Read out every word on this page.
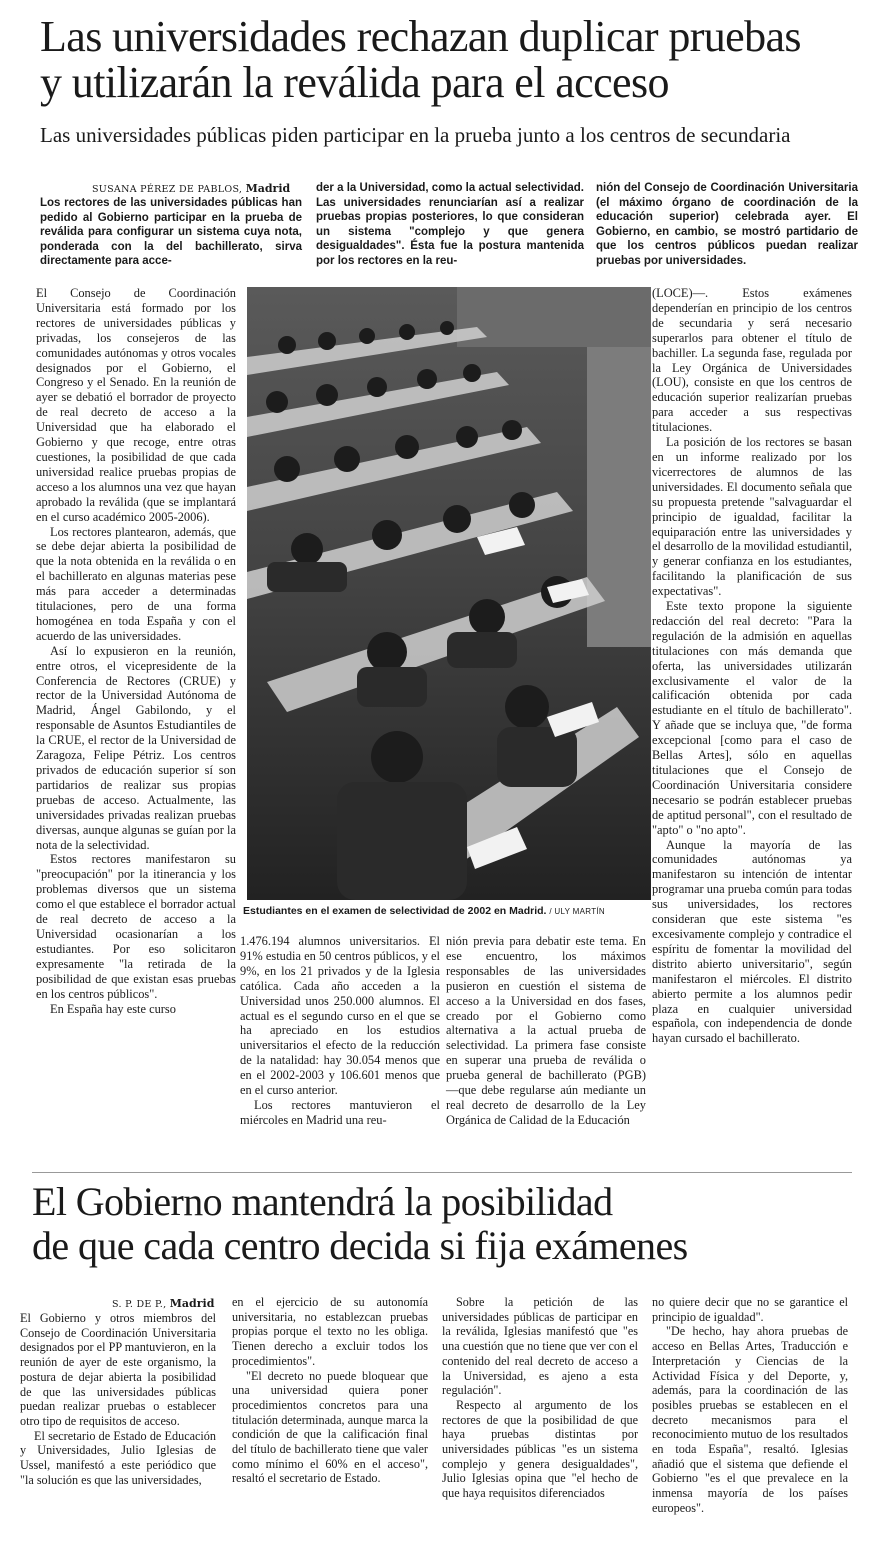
Las universidades rechazan duplicar pruebas
y utilizarán la reválida para el acceso

Las universidades públicas piden participar en la prueba junto a los centros de secundaria

SUSANA PÉREZ DE PABLOS, Madrid

Los rectores de las universidades públicas han pedido al Gobierno participar en la prueba de reválida para configurar un sistema cuya nota, ponderada con la del bachillerato, sirva directamente para acce-

der a la Universidad, como la actual selectividad. Las universidades renunciarían así a realizar pruebas propias posteriores, lo que consideran un sistema "complejo y que genera desigualdades". Ésta fue la postura mantenida por los rectores en la reu-

nión del Consejo de Coordinación Universitaria (el máximo órgano de coordinación de la educación superior) celebrada ayer. El Gobierno, en cambio, se mostró partidario de que los centros públicos puedan realizar pruebas por universidades.

El Consejo de Coordinación Universitaria está formado por los rectores de universidades públicas y privadas, los consejeros de las comunidades autónomas y otros vocales designados por el Gobierno, el Congreso y el Senado. En la reunión de ayer se debatió el borrador de proyecto de real decreto de acceso a la Universidad que ha elaborado el Gobierno y que recoge, entre otras cuestiones, la posibilidad de que cada universidad realice pruebas propias de acceso a los alumnos una vez que hayan aprobado la reválida (que se implantará en el curso académico 2005-2006).

Los rectores plantearon, además, que se debe dejar abierta la posibilidad de que la nota obtenida en la reválida o en el bachillerato en algunas materias pese más para acceder a determinadas titulaciones, pero de una forma homogénea en toda España y con el acuerdo de las universidades.

Así lo expusieron en la reunión, entre otros, el vicepresidente de la Conferencia de Rectores (CRUE) y rector de la Universidad Autónoma de Madrid, Ángel Gabilondo, y el responsable de Asuntos Estudiantiles de la CRUE, el rector de la Universidad de Zaragoza, Felipe Pétriz. Los centros privados de educación superior sí son partidarios de realizar sus propias pruebas de acceso. Actualmente, las universidades privadas realizan pruebas diversas, aunque algunas se guían por la nota de la selectividad.

Estos rectores manifestaron su "preocupación" por la itinerancia y los problemas diversos que un sistema como el que establece el borrador actual de real decreto de acceso a la Universidad ocasionarían a los estudiantes. Por eso solicitaron expresamente "la retirada de la posibilidad de que existan esas pruebas en los centros públicos".

En España hay este curso

Estudiantes en el examen de selectividad de 2002 en Madrid. / ULY MARTÍN

1.476.194 alumnos universitarios. El 91% estudia en 50 centros públicos, y el 9%, en los 21 privados y de la Iglesia católica. Cada año acceden a la Universidad unos 250.000 alumnos. El actual es el segundo curso en el que se ha apreciado en los estudios universitarios el efecto de la reducción de la natalidad: hay 30.054 menos que en el 2002-2003 y 106.601 menos que en el curso anterior.

Los rectores mantuvieron el miércoles en Madrid una reu-

nión previa para debatir este tema. En ese encuentro, los máximos responsables de las universidades pusieron en cuestión el sistema de acceso a la Universidad en dos fases, creado por el Gobierno como alternativa a la actual prueba de selectividad. La primera fase consiste en superar una prueba de reválida o prueba general de bachillerato (PGB) —que debe regularse aún mediante un real decreto de desarrollo de la Ley Orgánica de Calidad de la Educación

(LOCE)—. Estos exámenes dependerían en principio de los centros de secundaria y será necesario superarlos para obtener el título de bachiller. La segunda fase, regulada por la Ley Orgánica de Universidades (LOU), consiste en que los centros de educación superior realizarían pruebas para acceder a sus respectivas titulaciones.

La posición de los rectores se basan en un informe realizado por los vicerrectores de alumnos de las universidades. El documento señala que su propuesta pretende "salvaguardar el principio de igualdad, facilitar la equiparación entre las universidades y el desarrollo de la movilidad estudiantil, y generar confianza en los estudiantes, facilitando la planificación de sus expectativas".

Este texto propone la siguiente redacción del real decreto: "Para la regulación de la admisión en aquellas titulaciones con más demanda que oferta, las universidades utilizarán exclusivamente el valor de la calificación obtenida por cada estudiante en el título de bachillerato". Y añade que se incluya que, "de forma excepcional [como para el caso de Bellas Artes], sólo en aquellas titulaciones que el Consejo de Coordinación Universitaria considere necesario se podrán establecer pruebas de aptitud personal", con el resultado de "apto" o "no apto".

Aunque la mayoría de las comunidades autónomas ya manifestaron su intención de intentar programar una prueba común para todas sus universidades, los rectores consideran que este sistema "es excesivamente complejo y contradice el espíritu de fomentar la movilidad del distrito abierto universitario", según manifestaron el miércoles. El distrito abierto permite a los alumnos pedir plaza en cualquier universidad española, con independencia de donde hayan cursado el bachillerato.

El Gobierno mantendrá la posibilidad
de que cada centro decida si fija exámenes
S. P. DE P., Madrid

El Gobierno y otros miembros del Consejo de Coordinación Universitaria designados por el PP mantuvieron, en la reunión de ayer de este organismo, la postura de dejar abierta la posibilidad de que las universidades públicas puedan realizar pruebas o establecer otro tipo de requisitos de acceso.

El secretario de Estado de Educación y Universidades, Julio Iglesias de Ussel, manifestó a este periódico que "la solución es que las universidades,

en el ejercicio de su autonomía universitaria, no establezcan pruebas propias porque el texto no les obliga. Tienen derecho a excluir todos los procedimientos".

"El decreto no puede bloquear que una universidad quiera poner procedimientos concretos para una titulación determinada, aunque marca la condición de que la calificación final del título de bachillerato tiene que valer como mínimo el 60% en el acceso", resaltó el secretario de Estado.

Sobre la petición de las universidades públicas de participar en la reválida, Iglesias manifestó que "es una cuestión que no tiene que ver con el contenido del real decreto de acceso a la Universidad, es ajeno a esta regulación".

Respecto al argumento de los rectores de que la posibilidad de que haya pruebas distintas por universidades públicas "es un sistema complejo y genera desigualdades", Julio Iglesias opina que "el hecho de que haya requisitos diferenciados

no quiere decir que no se garantice el principio de igualdad".

"De hecho, hay ahora pruebas de acceso en Bellas Artes, Traducción e Interpretación y Ciencias de la Actividad Física y del Deporte, y, además, para la coordinación de las posibles pruebas se establecen en el decreto mecanismos para el reconocimiento mutuo de los resultados en toda España", resaltó. Iglesias añadió que el sistema que defiende el Gobierno "es el que prevalece en la inmensa mayoría de los países europeos".
